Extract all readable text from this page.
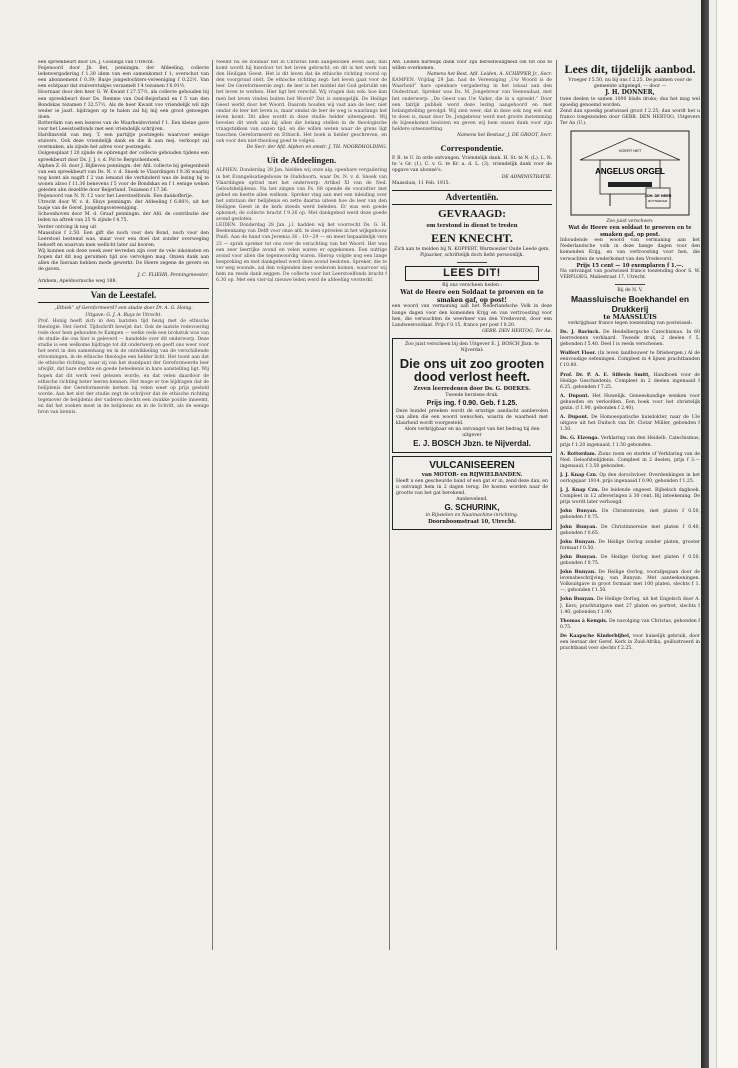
een spreekbeurt door Ds. J. Goslinga van Utrecht.
Feijenoord door Jb. Bet, penningm. der Afdeeling, collecte ledenvergadering f 1.30 idem van een samenkomst f 1; overschot van een abonnement f 0.39; Busje jongedochters-vereeniging f 0.22½. Van een echtpaar dat stuiverstukjes verzamelt f 4 tezamen f 6.91½.
Hoornaar door den heer G. W. Kwant f 27.57½, als collecte gehouden bij een spreekbeurt door Ds. Remme van Oud-Beijerland en f 5 van den Bondskas tezamen f 32.57½. Als de heer Kwant voo vriendelijk wil zijn weder ie jaarl. bijdragen op te halen zal hij mij een groot genoegen doen.
Rotterdam van een lezeres van de Waarheidsvriend f 1. Een kleine gave voor het Leesstoelfonds met een vriendelijk schrijven.
Hardinxveld van mej. T. een partijtje postzegels waarvoor eenige stuivers. Ook deze vriendelijk dank en die ik aan mej. verkoopt zal overmaken, als zijnde het adres voor postzegels.
Oolgensplaat f 20 zijnde de opbrengst der collecte gehouden tijdens een spreekbeurt door Ds. J. J. v. d. Pol te Bergschenhoek.
Alphen Z.-H. door J. Bijlleveu penningm. der Afd. collecte bij gelegenheid van een spreekbeurt van Ds. N. v. d. Snoek te Vlaardingen f 9.36 waarbij nog komt als nagift f 2 van iemand die verhinderd was de lezing bij te wonen alzoo f 11.36 benevens f 5 voor de Bondskas en f 1 eenige weken geleden ahn dezelfde door Beijerland. Tezamen f 17.36.
Feijenoord van N. N. f 2 voor het Leerstoelfonds. Een dankofferije.
Utrecht door W. v. d. Sluys penningm. der Afdeeling f 6.80½, uit het busje van de Geref. Jongelingsvereeniging.
Schoonhoven door M. d. Graaf penningm. der Afd. de contributie der leden na aftrek van 25 % zijnde f 4.75.
Verder ontving ik nog uit
Maassluis f 2.50. Een gift die noch voor den Bond, noch voor den Leerstoel bestemd was, maar voor een doel dat zonder overweging behoeft en waarvan men wellicht later zal hooren.
Wij kunnen ook deze week zeer tevreden zijn over de vele inkomsten en hopen dat dit nog geruimen tijd zoo vervolgen mag. Onzen dank aan allen die hieraan hebben mede gewerkt. De Heere zegene de gevers en de gaven.
J. C. FLIEHR, Penningmeester,
Arnhem, Apeldoornsche weg 188.
Van de Leestafel.
„Ethiek” of Gereformeerd? een studie door Dr. A. G. Honig.
Uitgave: G. J. A. Ruys te Utrecht.
Prof. Honig heeft zich in den laatsten tijd bezig met de ethische theologie. Het Geref. Tijdschrift bewijst dat. Ook de laatste redevoering rede door hem gehouden te Kampen — welke rede een brokstuk was van de studie die ons hier is geleverd — handelde over dit onderwerp. Deze studie is een welkome bijdrage tot dit onderwerp en geeft ons weer voor het eerst in den samenhang en in de ontwikkeling van de verschillende stroomingen, in de ethische theologie een helder licht. Het toont aan dat de ethische richting, waar zij van het standpunt der Gereformeerde leer afwijkt, dat hare sterkte en goede beteekenis in hare aanstelling ligt. Wij hopen dat dit werk veel gelezen worde, en dat velen daardoor de ethische richting beter leeren kennen. Het moge er toe bijdragen dat de belijdenis der Gereformeerde kerken bij velen weer op prijs gesteld worde. Aan het slot der studie zegt de schrijver dat de ethische richting tegenover de belijdenis der vaderen slechts een zwakke positie inneemt, en dat het zoeken moet in de belijdenis en in de Schrift, als de eenige bron van kennis.
Neemt nu de zondaar het in Christus hem aangeboden leven aan, dan komt wordt hij hierdoor tot het leven gebracht, en dit is het werk van den Heiligen Geest. Het is dit leven dat de ethische richting vooral op den voorgrond stelt. De ethische richting zegt: het leven gaat voor de leer. De Gereformeerde zegt: de leer is het middel dat God gebruikt om het leven te werken. Hier ligt het verschil. Wij vragen dan ook: hoe kan men het leven vinden buiten het Woord? Dat is onmogelijk. De Heilige Geest werkt door het Woord. Daarom houden wij vast aan de leer, niet omdat de leer het leven is, maar omdat de leer de weg is waarlangs het leven komt. Dit alles wordt in deze studie helder uiteengezet. Wij bevelen dit werk aan bij allen die belang stellen in de theologische vraagstukken van onzen tijd, en die willen weten waar de grens ligt tusschen Gereformeerd en Ethisch. Het boek is helder geschreven, en ook voor den niet-theoloog goed te volgen.
De Secr. der Afd. Alphen en omstr. J. TH. NOORDHOLDING.
Uit de Afdeelingen.
ALPHEN. Donderdag 28 Jan. hielden wij onze alg. openbare vergadering in het Evangelisatiegebouw te Oudshoorn, waar Ds. N. v. d. Snoek van Vlaardingen optrad met het onderwerp: Artikel XI van de Ned. Geloofsbelijdenis. Na het zingen van Ps. 68 opende de voorzitter met gebed en heette allen welkom. Spreker ving aan met een inleiding over het ontstaan der belijdenis en zette daarna uiteen hoe de leer van den Heiligen Geest in de kerk steeds werd beleden. Er was een goede opkomst; de collecte bracht f 9.36 op. Met dankgebed werd deze goede avond gesloten.
LEIDEN. Donderdag 28 Jan. j.l. hadden wij het voorrecht Ds. G. H. Beekenkamp van Delft voor onze afd. te zien optreden in het wijkgebouw Pniël. Aan de hand van Jeremia 36 : 10—29 — en meer bepaaldelijk vers 23 — sprak spreker tot ons over de verachting van het Woord. Het was een zeer leerrijke avond en velen waren er opgekomen. Een nuttige avond voor allen die tegenwoordig waren. Hierop volgde nog een lange bespreking en met dankgebed werd deze avond besloten. Spreker, die te ver weg woonde, zal den volgenden keer wederom komen, waarvoor wij hem nu reeds dank zeggen. De collecte voor het Leerstoelfonds bracht f 6.30 op. Met een vier-tal nieuwe leden werd de afdeeling versterkt.
Afd. Leiden hartelijk dank voor zijn bereidwilligheid om tot ons te willen overkomen.
Namens het Best. Afd. Leiden, A. SCHIPPER Jr., Secr.
KAMPEN. Vrijdag 29 Jan. had de Vereeniging „Uw Woord is de Waarheid” hare openbare vergadering in het lokaal aan den Oudestraat. Spreker was Ds. M. Jongebreur van Veenendaal, met het onderwerp: „De Geest van Uw Vader, die in u spreekt.” Door een talrijk publiek werd deze lezing aangehoord en met belangstelling gevolgd. Wij zien weer, dat in deze ook nog wel wat te doen is, maar door Ds. Jongebreur werd met groote instemming de bijeenkomst besloten en geven wij hem onzen dank voor zijn heldere uiteenzetting.
Namens het Bestuur, J. DE GROOT, Secr.
Correspondentie.
P. B. te U. In orde ontvangen. Vriendelijk dank. H. St. te N. (L). L. N. te 's Gr. (1), C. v. G. te Kr. a. d. L. (3), vriendelijk dank voor de opgave van abonné's.
DE ADMINISTRATIE.
Maassluis, 11 Feb. 1915.
Advertentiën.
GEVRAAGD:
om terstond in dienst te treden
EEN KNECHT.
Zich aan te melden bij N. KOPPERT, Warmoezier Oude Leede gem. Pijnacker, schriftelijk doch liefst persoonlijk.
LEES DIT!
Bij ons verscheen heden :
Wat de Heere een Soldaat te proeven en te smaken gaf, op post!
een woord van vermaning aan het Nederlandsche Volk in deze bange dagen voor den komenden Krijg en van vertroosting voor hen, die verwachten de weerkeer van den Vredevorst, door een Landweersoldaat. Prijs f 0.15, franco per post f 0.20.
GEBR. DEN HERTOG, Ter Aa.
Zoo juist verscheen bij den Uitgever E. J. BOSCH Jbzn. te Nijverdal:
Die ons uit zoo grooten dood verlost heeft.
Zeven leerredenen door Ds. G. DOEKES.
Tweede herziene druk.
Prijs ing. f 0.90. Geb. f 1.25.
Deze bundel preeken wordt de ernstige aandacht aanbevolen van allen die een woord wenschen, waarin de waarheid met klaarheid wordt voorgesteld.
Alom verkrijgbaar en na ontvangst van het bedrag bij den uitgever
E. J. BOSCH Jbzn. te Nijverdal.
VULCANISEEREN
van MOTOR- en RIJWIELBANDEN.
Heeft u een gescheurde band of een gat er in, zend deze dan, en u ontvangt hem in 2 dagen terug. De kosten worden naar de grootte van het gat berekend.
Aanbevelend,
G. SCHURINK,
in Rijwielen en Naaimachine-inrichting.
Doornboomstraat 10, Utrecht.
Lees dit, tijdelijk aanbod.
Vroeger f 5.50, nu bij ons f 2.25. De psalmen voor de gemeente uitgelegd, — door —
J. H. DONNER,
twee deelen te samen 1000 blads druks; dus het mag wel spoedig genoemd worden.
Zend dan spoedig postwissel groot f 2.25; dan wordt het u franco toegezonden door GEBR. DEN HERTOG, Uitgevers Ter Aa (U.).
VOERT HET
ANGELUS ORGEL
JOH. DE HEER
ROTTERDAM.
Zoo juist verscheen:
Wat de Heere een soldaat te proeven en te smaken gaf, op post.
Inhoudende een woord van vermaning aan het Nederlandsche volk in deze bange dagen voor den komenden Krijg, en van vertroosting voor hen, die verwachten de wederkomst van den Vredevorst.
Prijs 15 cent — 10 exemplaren f 1.—.
Na ontvangst van postwissel franco toezending door S. W. VERPLOEG, Maliestraat 17, Utrecht.
Bij de N. V.
Maassluische Boekhandel en Drukkerij
te MAASSLUIS
verkrijgbaar franco tegen toezending van postwissel:
Ds. J. Bavinck. De Heidelbergsche Catechismus. In 60 leerredenen verklaard. Tweede druk, 2 deelen f 5, gebonden f 5.40. Deel I is reeds verschenen.
Wulfert Floor. (In leven landbouwer te Driebergen.) Al de eenvoudige oefeningen. Compleet in 4 lijnen prachtbanden f 10.80.
Prof. Dr. P. A. E. Sillevis Smitt, Handboek voor de Heilige Geschiedenis. Compleet in 2 deelen ingenaaid f 6.25, gebonden f 7.25.
A. Dupont. Het Huwelijk. Geneeskundige wenken voor gehuwden en verloofden. Een boek voor het christelijk gezin. (f 1.90, gebonden f 2.40).
A. Dupont. De Homoeopatische huisdokter, naar de 13e uitgave uit het Duitsch van Dr. Clotar Müller, gebonden f 1.50.
Ds. G. Elzenga. Verklaring van den Heidelb. Catechismus, prijs f 1.20 ingenaaid, f 1.50 gebonden.
A. Rotterdam. Zions roem en sterkte of Verklaring van de Ned. Geloofsbelijdenis. Compleet in 2 deelen, prijs f 3.— ingenaaid, f 3.50 gebonden.
J. J. Knap Czn. Op den dorschvloer. Overdenkingen in het oorlogsjaar 1914, prijs ingenaaid f 0.90, gebonden f 1.25.
J. J. Knap Czn. De leidende ongeest. Bijbelsch dagboek. Compleet in 12 afleveringen à 30 cent. Bij inteekening. De prijs wordt later verhoogd.
John Bunyan. De Christenreize, met platen f 0.50, gebonden f 0.75.
John Bunyan. De Christinnereize met platen f 0.40, gebonden f 0.65.
John Bunyan. De Heilige Oorlog zonder platen, grooter formaat f 0.50.
John Bunyan. De Heilige Oorlog met platen f 0.50, gebonden f 0.75.
John Bunyan. De Heilige Oorlog, voorafgegaan door de levensbeschrijving, van Bunyan. Met aanteekeningen. Volksuitgave in groot formaat met 100 platen, slechts f 1.—, gebonden f 1.50.
John Bunyan. De Heilige Oorlog, uit het Engelsch door A. J. Kers; prachtuitgave met 27 platen en portret, slechts f 1.40, gebonden f 1.90.
Thomas à Kempis. De navolging van Christus, gebonden f 0.75.
De Kaapsche Kinderbijbel, voor huiselijk gebruik, door een leeraar der Geref. Kerk in Zuid-Afrika, geillustreerd in prachtband voor slechts f 2.25.
